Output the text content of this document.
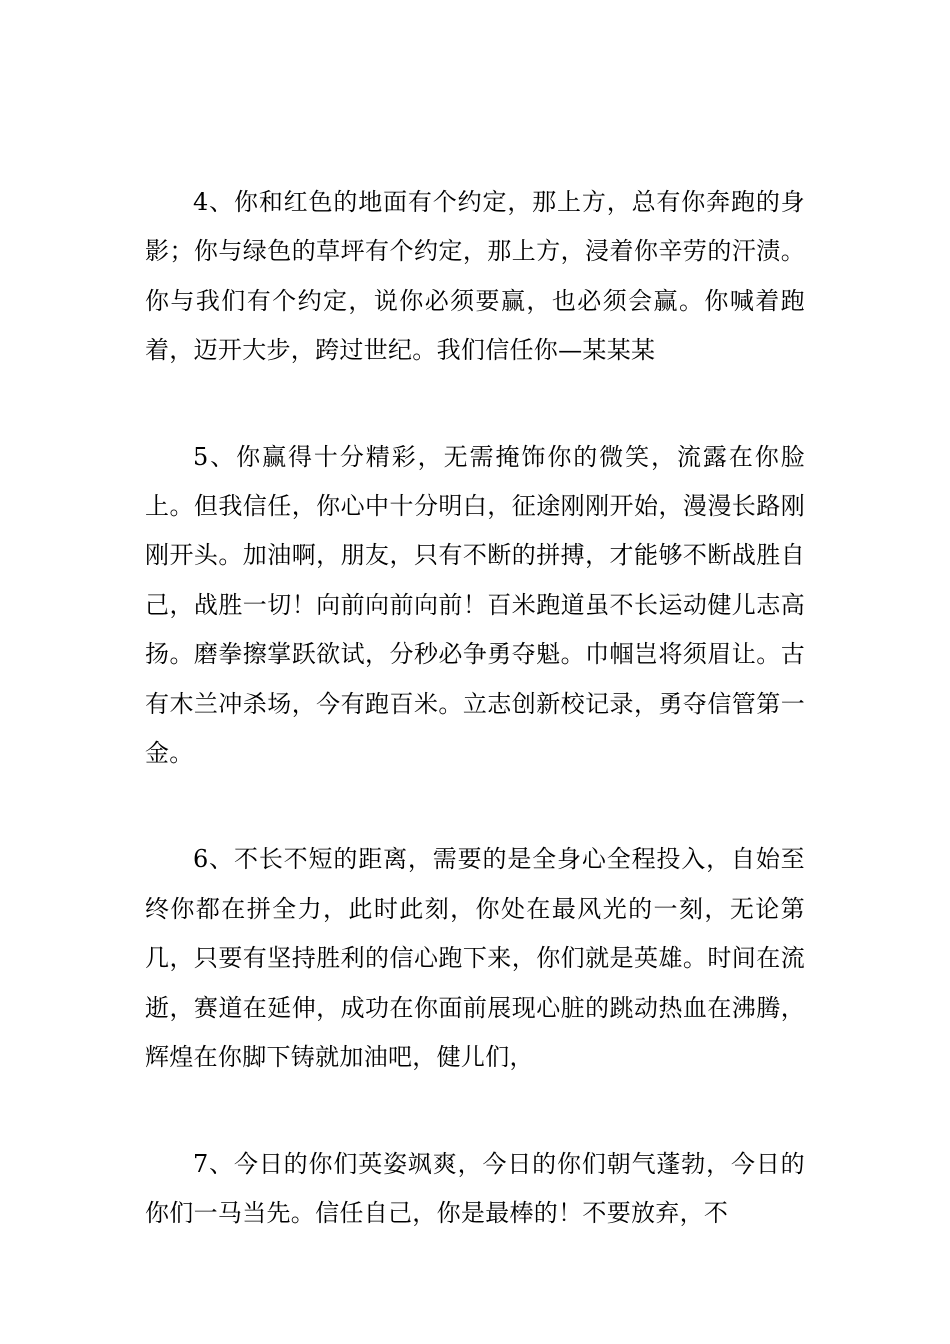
4、你和红色的地面有个约定，那上方，总有你奔跑的身影；你与绿色的草坪有个约定，那上方，浸着你辛劳的汗渍。你与我们有个约定，说你必须要赢，也必须会赢。你喊着跑着，迈开大步，跨过世纪。我们信任你—某某某

5、你赢得十分精彩，无需掩饰你的微笑，流露在你脸上。但我信任，你心中十分明白，征途刚刚开始，漫漫长路刚刚开头。加油啊，朋友，只有不断的拼搏，才能够不断战胜自己，战胜一切！向前向前向前！百米跑道虽不长运动健儿志高扬。磨拳擦掌跃欲试，分秒必争勇夺魁。巾帼岂将须眉让。古有木兰冲杀场，今有跑百米。立志创新校记录，勇夺信管第一金。

6、不长不短的距离，需要的是全身心全程投入，自始至终你都在拼全力，此时此刻，你处在最风光的一刻，无论第几，只要有坚持胜利的信心跑下来，你们就是英雄。时间在流逝，赛道在延伸，成功在你面前展现心脏的跳动热血在沸腾，辉煌在你脚下铸就加油吧，健儿们，

7、今日的你们英姿飒爽，今日的你们朝气蓬勃，今日的你们一马当先。信任自己，你是最棒的！不要放弃，不
